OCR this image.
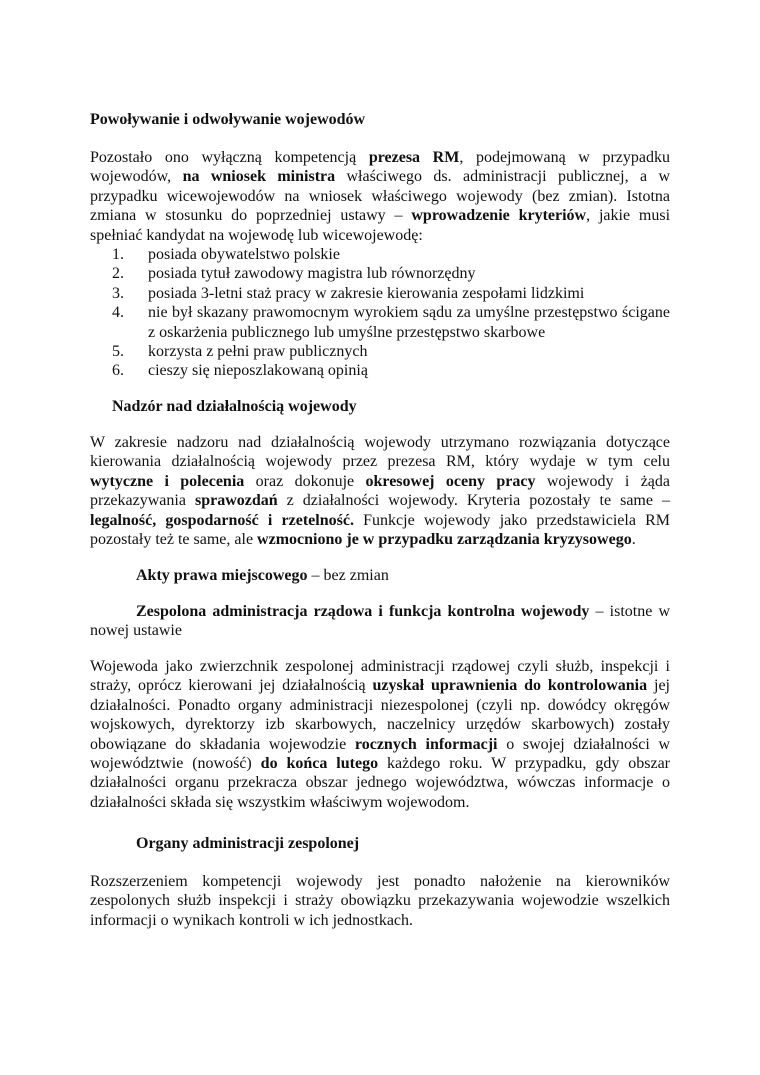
Powoływanie i odwoływanie wojewodów
Pozostało ono wyłączną kompetencją prezesa RM, podejmowaną w przypadku wojewodów, na wniosek ministra właściwego ds. administracji publicznej, a w przypadku wicewojewodów na wniosek właściwego wojewody (bez zmian). Istotna zmiana w stosunku do poprzedniej ustawy – wprowadzenie kryteriów, jakie musi spełniać kandydat na wojewodę lub wicewojewodę:
1. posiada obywatelstwo polskie
2. posiada tytuł zawodowy magistra lub równorzędny
3. posiada 3-letni staż pracy w zakresie kierowania zespołami lidzkimi
4. nie był skazany prawomocnym wyrokiem sądu za umyślne przestępstwo ścigane z oskarżenia publicznego lub umyślne przestępstwo skarbowe
5. korzysta z pełni praw publicznych
6. cieszy się nieposzlakowaną opinią
Nadzór nad działalnością wojewody
W zakresie nadzoru nad działalnością wojewody utrzymano rozwiązania dotyczące kierowania działalnością wojewody przez prezesa RM, który wydaje w tym celu wytyczne i polecenia oraz dokonuje okresowej oceny pracy wojewody i żąda przekazywania sprawozdań z działalności wojewody. Kryteria pozostały te same – legalność, gospodarność i rzetelność. Funkcje wojewody jako przedstawiciela RM pozostały też te same, ale wzmocniono je w przypadku zarządzania kryzysowego.
Akty prawa miejscowego – bez zmian
Zespolona administracja rządowa i funkcja kontrolna wojewody – istotne w nowej ustawie
Wojewoda jako zwierzchnik zespolonej administracji rządowej czyli służb, inspekcji i straży, oprócz kierowani jej działalnością uzyskał uprawnienia do kontrolowania jej działalności. Ponadto organy administracji niezespolonej (czyli np. dowódcy okręgów wojskowych, dyrektorzy izb skarbowych, naczelnicy urzędów skarbowych) zostały obowiązane do składania wojewodzie rocznych informacji o swojej działalności w województwie (nowość) do końca lutego każdego roku. W przypadku, gdy obszar działalności organu przekracza obszar jednego województwa, wówczas informacje o działalności składa się wszystkim właściwym wojewodom.
Organy administracji zespolonej
Rozszerzeniem kompetencji wojewody jest ponadto nałożenie na kierowników zespolonych służb inspekcji i straży obowiązku przekazywania wojewodzie wszelkich informacji o wynikach kontroli w ich jednostkach.
